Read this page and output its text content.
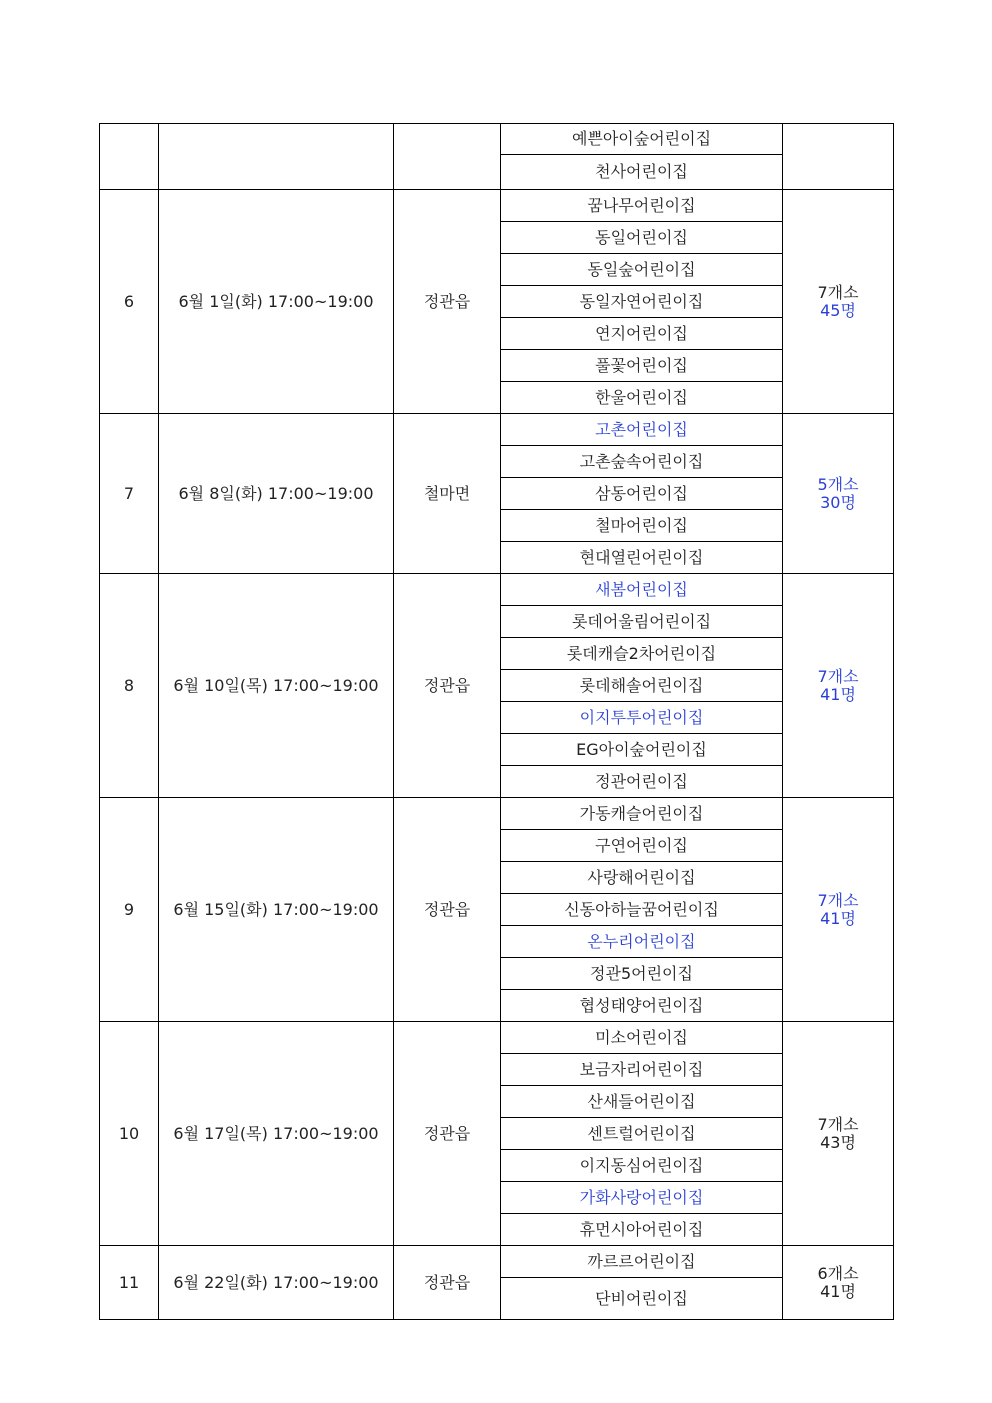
			예쁜아이숲어린이집	

			천사어린이집	
6	6월 1일(화) 17:00~19:00	정관읍	꿈나무어린이집	7개소
45명

			동일어린이집	
			동일숲어린이집	
			동일자연어린이집	
			연지어린이집	
			풀꽃어린이집	
			한울어린이집	
7	6월 8일(화) 17:00~19:00	철마면	고촌어린이집	5개소
30명

			고촌숲속어린이집	
			삼동어린이집	
			철마어린이집	
			현대열린어린이집	
8	6월 10일(목) 17:00~19:00	정관읍	새봄어린이집	7개소
41명

			롯데어울림어린이집	
			롯데캐슬2차어린이집	
			롯데해솔어린이집	
			이지투투어린이집	
			EG아이숲어린이집	
			정관어린이집	
9	6월 15일(화) 17:00~19:00	정관읍	가동캐슬어린이집	7개소
41명

			구연어린이집	
			사랑해어린이집	
			신동아하늘꿈어린이집	
			온누리어린이집	
			정관5어린이집	
			협성태양어린이집	
10	6월 17일(목) 17:00~19:00	정관읍	미소어린이집	7개소
43명

			보금자리어린이집	
			산새들어린이집	
			센트럴어린이집	
			이지동심어린이집	
			가화사랑어린이집	
			휴먼시아어린이집	
11	6월 22일(화) 17:00~19:00	정관읍	까르르어린이집	6개소
41명

			단비어린이집	
